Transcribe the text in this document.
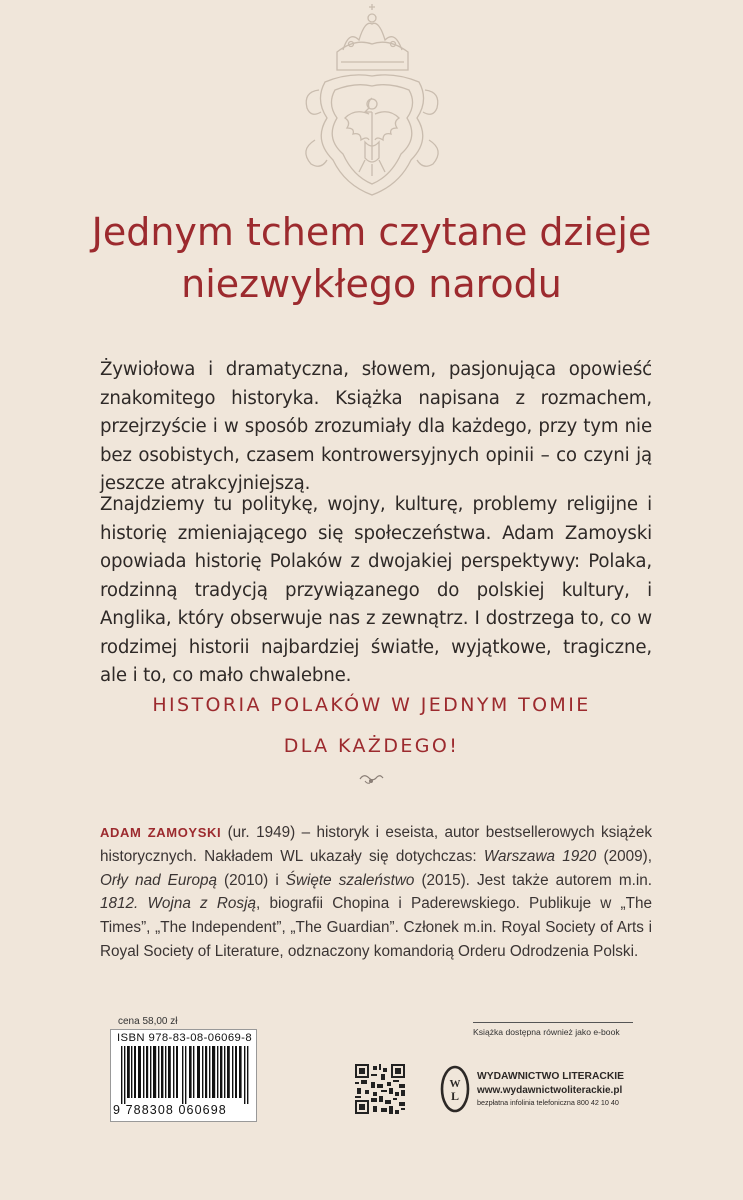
Jednym tchem czytane dzieje
niezwykłego narodu

Żywiołowa i dramatyczna, słowem, pasjonująca opowieść znakomitego historyka. Książka napisana z rozmachem, przejrzyście i w sposób zrozumiały dla każdego, przy tym nie bez osobistych, czasem kontrowersyjnych opinii – co czyni ją jeszcze atrakcyjniejszą.

Znajdziemy tu politykę, wojny, kulturę, problemy religijne i historię zmieniającego się społeczeństwa. Adam Zamoyski opowiada historię Polaków z dwojakiej perspektywy: Polaka, rodzinną tradycją przywiązanego do polskiej kultury, i Anglika, który obserwuje nas z zewnątrz. I dostrzega to, co w rodzimej historii najbardziej światłe, wyjątkowe, tragiczne, ale i to, co mało chwalebne.

HISTORIA POLAKÓW W JEDNYM TOMIE
DLA KAŻDEGO!

ADAM ZAMOYSKI (ur. 1949) – historyk i eseista, autor bestsellerowych książek historycznych. Nakładem WL ukazały się dotychczas: Warszawa 1920 (2009), Orły nad Europą (2010) i Święte szaleństwo (2015). Jest także autorem m.in. 1812. Wojna z Rosją, biografii Chopina i Paderewskiego. Publikuje w „The Times”, „The Independent”, „The Guardian”. Członek m.in. Royal Society of Arts i Royal Society of Literature, odznaczony komandorią Orderu Odrodzenia Polski.

cena 58,00 zł
ISBN 978-83-08-06069-8
9 788308 060698
Książka dostępna również jako e-book
W
L
WYDAWNICTWO LITERACKIE
www.wydawnictwoliterackie.pl
bezpłatna infolinia telefoniczna 800 42 10 40
